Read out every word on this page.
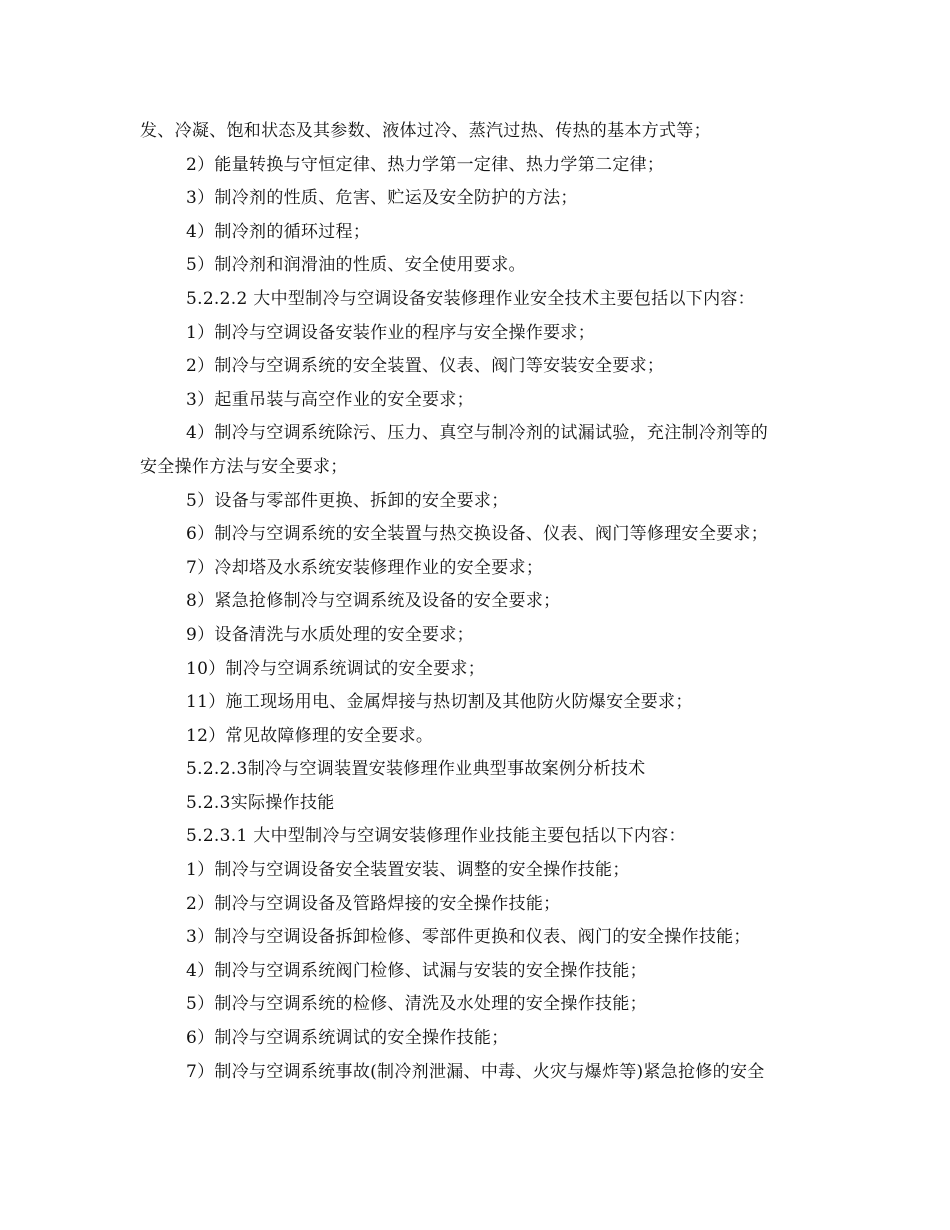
发、冷凝、饱和状态及其参数、液体过冷、蒸汽过热、传热的基本方式等；
2）能量转换与守恒定律、热力学第一定律、热力学第二定律；
3）制冷剂的性质、危害、贮运及安全防护的方法；
4）制冷剂的循环过程；
5）制冷剂和润滑油的性质、安全使用要求。
5.2.2.2 大中型制冷与空调设备安装修理作业安全技术主要包括以下内容：
1）制冷与空调设备安装作业的程序与安全操作要求；
2）制冷与空调系统的安全装置、仪表、阀门等安装安全要求；
3）起重吊装与高空作业的安全要求；
4）制冷与空调系统除污、压力、真空与制冷剂的试漏试验，充注制冷剂等的
安全操作方法与安全要求；
5）设备与零部件更换、拆卸的安全要求；
6）制冷与空调系统的安全装置与热交换设备、仪表、阀门等修理安全要求；
7）冷却塔及水系统安装修理作业的安全要求；
8）紧急抢修制冷与空调系统及设备的安全要求；
9）设备清洗与水质处理的安全要求；
10）制冷与空调系统调试的安全要求；
11）施工现场用电、金属焊接与热切割及其他防火防爆安全要求；
12）常见故障修理的安全要求。
5.2.2.3制冷与空调装置安装修理作业典型事故案例分析技术
5.2.3实际操作技能
5.2.3.1 大中型制冷与空调安装修理作业技能主要包括以下内容：
1）制冷与空调设备安全装置安装、调整的安全操作技能；
2）制冷与空调设备及管路焊接的安全操作技能；
3）制冷与空调设备拆卸检修、零部件更换和仪表、阀门的安全操作技能；
4）制冷与空调系统阀门检修、试漏与安装的安全操作技能；
5）制冷与空调系统的检修、清洗及水处理的安全操作技能；
6）制冷与空调系统调试的安全操作技能；
7）制冷与空调系统事故(制冷剂泄漏、中毒、火灾与爆炸等)紧急抢修的安全
